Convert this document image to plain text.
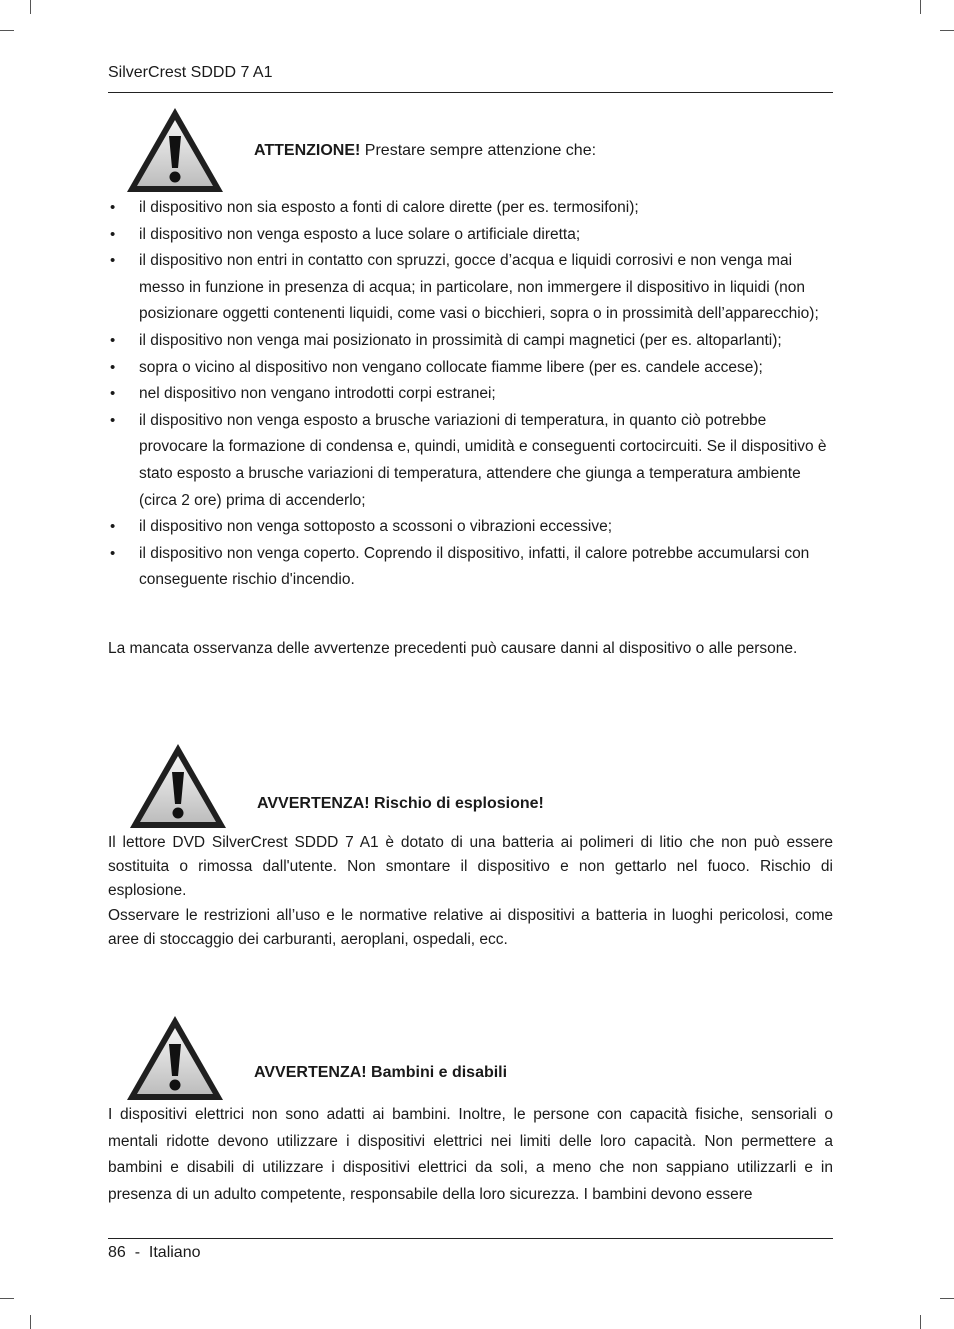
SilverCrest SDDD 7 A1
ATTENZIONE! Prestare sempre attenzione che:
• il dispositivo non sia esposto a fonti di calore dirette (per es. termosifoni);
• il dispositivo non venga esposto a luce solare o artificiale diretta;
• il dispositivo non entri in contatto con spruzzi, gocce d’acqua e liquidi corrosivi e non venga mai messo in funzione in presenza di acqua; in particolare, non immergere il dispositivo in liquidi (non posizionare oggetti contenenti liquidi, come vasi o bicchieri, sopra o in prossimità dell’apparecchio);
• il dispositivo non venga mai posizionato in prossimità di campi magnetici (per es. altoparlanti);
• sopra o vicino al dispositivo non vengano collocate fiamme libere (per es. candele accese);
• nel dispositivo non vengano introdotti corpi estranei;
• il dispositivo non venga esposto a brusche variazioni di temperatura, in quanto ciò potrebbe provocare la formazione di condensa e, quindi, umidità e conseguenti cortocircuiti. Se il dispositivo è stato esposto a brusche variazioni di temperatura, attendere che giunga a temperatura ambiente (circa 2 ore) prima di accenderlo;
• il dispositivo non venga sottoposto a scossoni o vibrazioni eccessive;
• il dispositivo non venga coperto. Coprendo il dispositivo, infatti, il calore potrebbe accumularsi con conseguente rischio d'incendio.

La mancata osservanza delle avvertenze precedenti può causare danni al dispositivo o alle persone.

AVVERTENZA! Rischio di esplosione!

Il lettore DVD SilverCrest SDDD 7 A1 è dotato di una batteria ai polimeri di litio che non può essere sostituita o rimossa dall'utente. Non smontare il dispositivo e non gettarlo nel fuoco. Rischio di esplosione.

Osservare le restrizioni all’uso e le normative relative ai dispositivi a batteria in luoghi pericolosi, come aree di stoccaggio dei carburanti, aeroplani, ospedali, ecc.

AVVERTENZA! Bambini e disabili

I dispositivi elettrici non sono adatti ai bambini. Inoltre, le persone con capacità fisiche, sensoriali o mentali ridotte devono utilizzare i dispositivi elettrici nei limiti delle loro capacità. Non permettere a bambini e disabili di utilizzare i dispositivi elettrici da soli, a meno che non sappiano utilizzarli e in presenza di un adulto competente, responsabile della loro sicurezza. I bambini devono essere

86  -  Italiano
